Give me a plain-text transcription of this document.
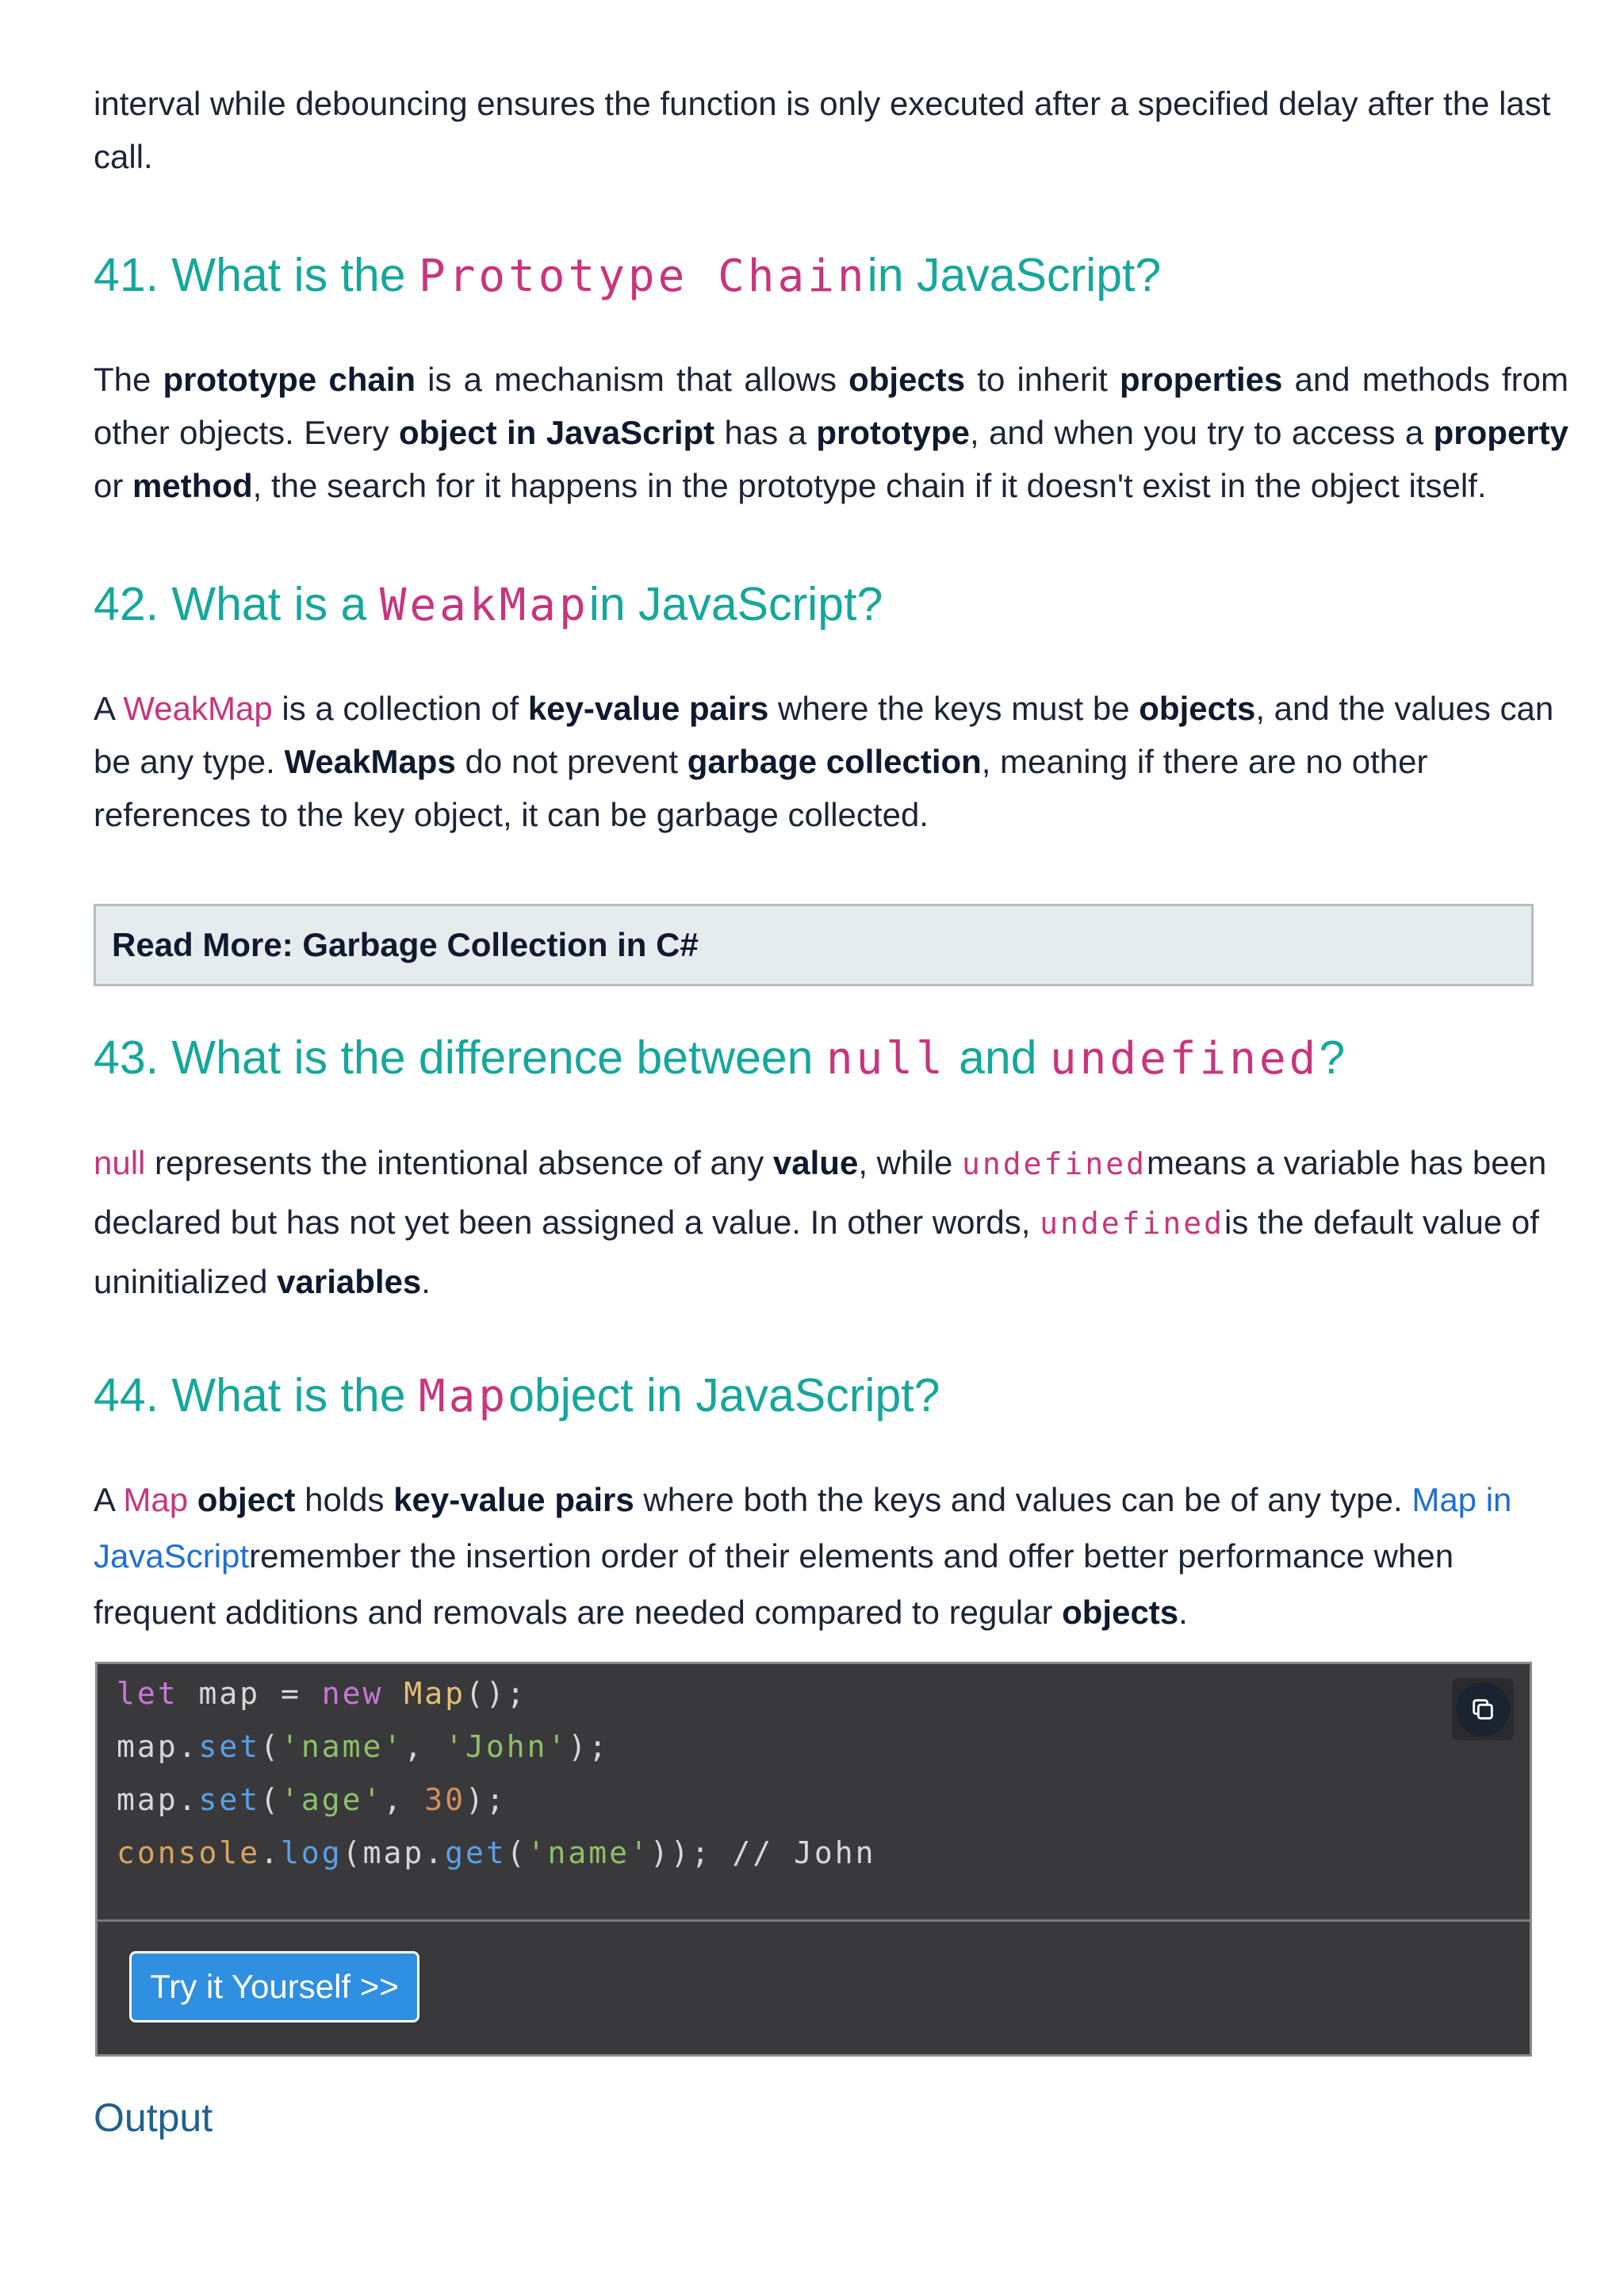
interval while debouncing ensures the function is only executed after a specified delay after the last call.

41. What is the Prototype Chainin JavaScript?

The prototype chain is a mechanism that allows objects to inherit properties and methods from other objects. Every object in JavaScript has a prototype, and when you try to access a property or method, the search for it happens in the prototype chain if it doesn't exist in the object itself.

42. What is a WeakMapin JavaScript?

A WeakMap is a collection of key-value pairs where the keys must be objects, and the values can be any type. WeakMaps do not prevent garbage collection, meaning if there are no other references to the key object, it can be garbage collected.

Read More:
Garbage Collection in C#
43. What is the difference between null and undefined?

null represents the intentional absence of any value, while undefinedmeans a variable has been declared but has not yet been assigned a value. In other words, undefinedis the default value of uninitialized variables.

44. What is the Mapobject in JavaScript?

A Map object holds key-value pairs where both the keys and values can be of any type. Map in JavaScriptremember the insertion order of their elements and offer better performance when frequent additions and removals are needed compared to regular objects.

let map = new Map();
map.set('name', 'John');
map.set('age', 30);
console.log(map.get('name')); // John
Try it Yourself >>
Output
